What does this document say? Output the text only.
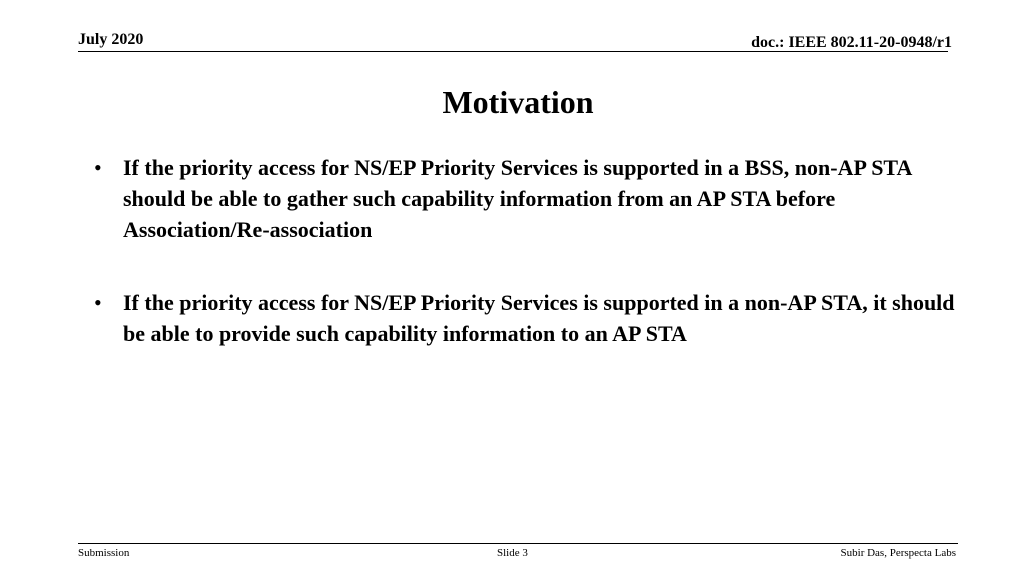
July 2020	doc.: IEEE 802.11-20-0948/r1
Motivation
• If the priority access for NS/EP Priority Services is supported in a BSS, non-AP STA should be able to gather such capability information from an AP STA before Association/Re-association
• If the priority access for NS/EP Priority Services is supported in a non-AP STA, it should be able to provide such capability information to an AP STA
Submission	Slide 3	Subir Das, Perspecta Labs
